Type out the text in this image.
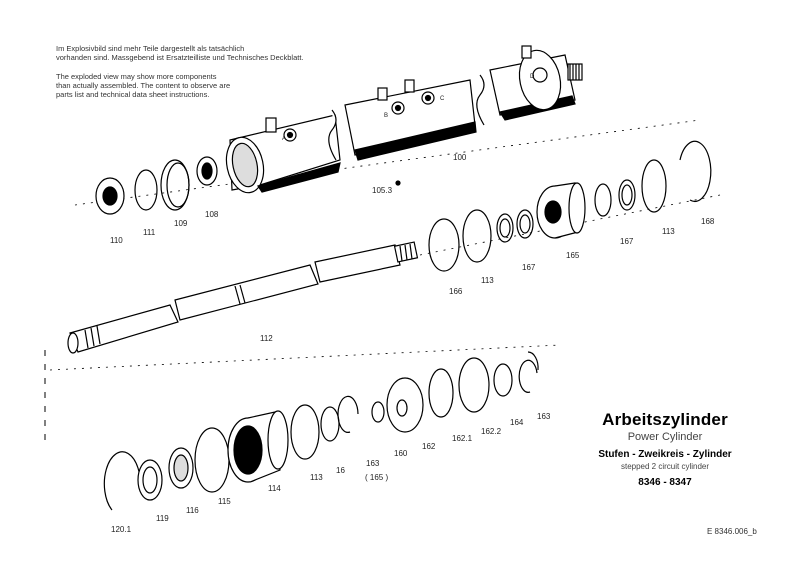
100
105.3
110
111
109
108
112
166
113
167
165
167
113
168
120.1
119
116
115
114
113
16
163
( 165 )
160
162
162.1
162.2
164
163
A
B
C
D
Im Explosivbild sind mehr Teile dargestellt als tatsächlich
vorhanden sind. Massgebend ist Ersatzteilliste und Technisches Deckblatt.
The exploded view may show more components
than actually assembled. The content to observe are
parts list and technical data sheet instructions.
Arbeitszylinder
Power Cylinder
Stufen - Zweikreis - Zylinder
stepped 2 circuit cylinder
8346 - 8347
E 8346.006_b
